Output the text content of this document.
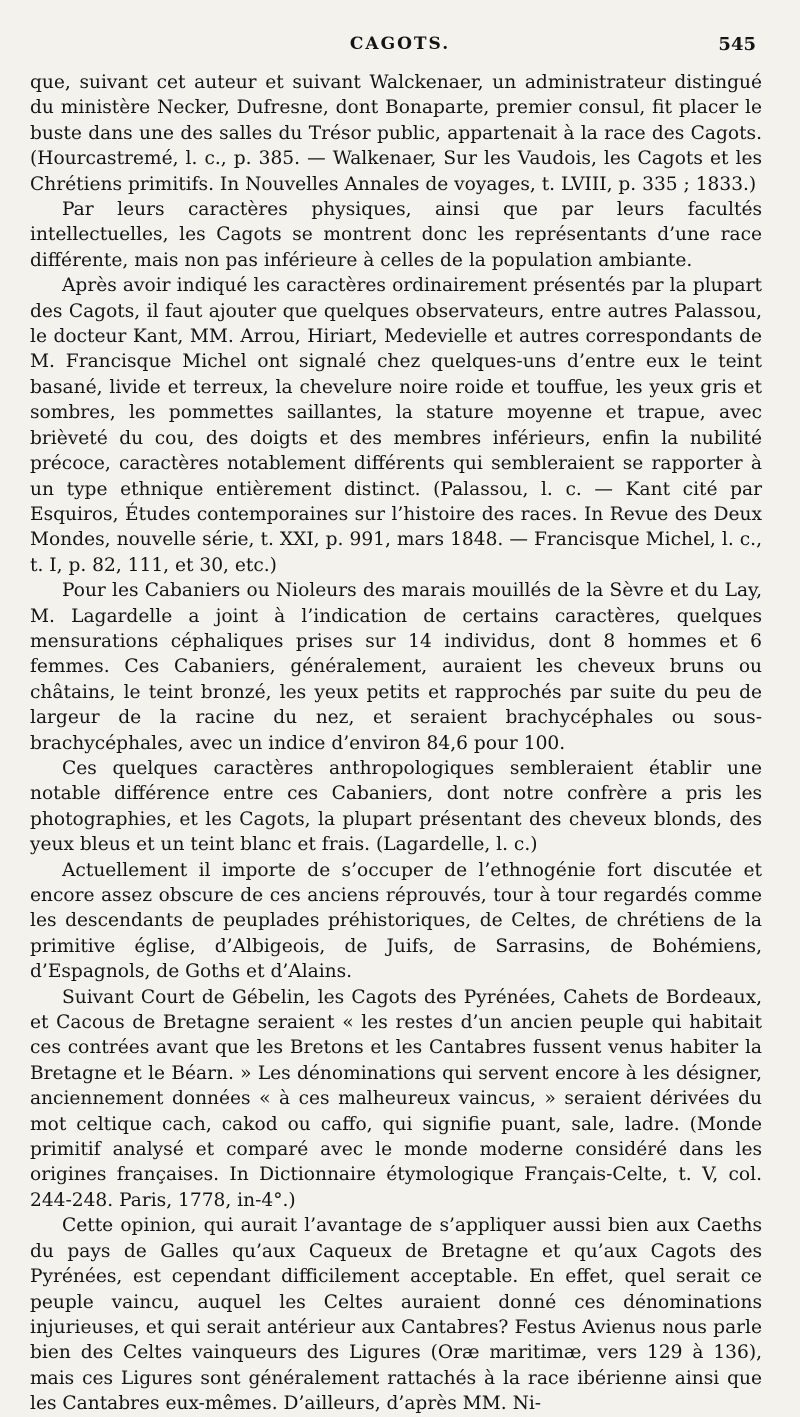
CAGOTS.	545

que, suivant cet auteur et suivant Walckenaer, un administrateur distingué du ministère Necker, Dufresne, dont Bonaparte, premier consul, fit placer le buste dans une des salles du Trésor public, appartenait à la race des Cagots. (Hourcastremé, l. c., p. 385. — Walkenaer, Sur les Vaudois, les Cagots et les Chrétiens primitifs. In Nouvelles Annales de voyages, t. LVIII, p. 335 ; 1833.)

Par leurs caractères physiques, ainsi que par leurs facultés intellectuelles, les Cagots se montrent donc les représentants d’une race différente, mais non pas inférieure à celles de la population ambiante.

Après avoir indiqué les caractères ordinairement présentés par la plupart des Cagots, il faut ajouter que quelques observateurs, entre autres Palassou, le docteur Kant, MM. Arrou, Hiriart, Medevielle et autres correspondants de M. Francisque Michel ont signalé chez quelques-uns d’entre eux le teint basané, livide et terreux, la chevelure noire roide et touffue, les yeux gris et sombres, les pommettes saillantes, la stature moyenne et trapue, avec brièveté du cou, des doigts et des membres inférieurs, enfin la nubilité précoce, caractères notablement différents qui sembleraient se rapporter à un type ethnique entièrement distinct. (Palassou, l. c. — Kant cité par Esquiros, Études contemporaines sur l’histoire des races. In Revue des Deux Mondes, nouvelle série, t. XXI, p. 991, mars 1848. — Francisque Michel, l. c., t. I, p. 82, 111, et 30, etc.)

Pour les Cabaniers ou Nioleurs des marais mouillés de la Sèvre et du Lay, M. Lagardelle a joint à l’indication de certains caractères, quelques mensurations céphaliques prises sur 14 individus, dont 8 hommes et 6 femmes. Ces Cabaniers, généralement, auraient les cheveux bruns ou châtains, le teint bronzé, les yeux petits et rapprochés par suite du peu de largeur de la racine du nez, et seraient brachycéphales ou sous-brachycéphales, avec un indice d’environ 84,6 pour 100.

Ces quelques caractères anthropologiques sembleraient établir une notable différence entre ces Cabaniers, dont notre confrère a pris les photographies, et les Cagots, la plupart présentant des cheveux blonds, des yeux bleus et un teint blanc et frais. (Lagardelle, l. c.)

Actuellement il importe de s’occuper de l’ethnogénie fort discutée et encore assez obscure de ces anciens réprouvés, tour à tour regardés comme les descendants de peuplades préhistoriques, de Celtes, de chrétiens de la primitive église, d’Albigeois, de Juifs, de Sarrasins, de Bohémiens, d’Espagnols, de Goths et d’Alains.

Suivant Court de Gébelin, les Cagots des Pyrénées, Cahets de Bordeaux, et Cacous de Bretagne seraient « les restes d’un ancien peuple qui habitait ces contrées avant que les Bretons et les Cantabres fussent venus habiter la Bretagne et le Béarn. » Les dénominations qui servent encore à les désigner, anciennement données « à ces malheureux vaincus, » seraient dérivées du mot celtique cach, cakod ou caffo, qui signifie puant, sale, ladre. (Monde primitif analysé et comparé avec le monde moderne considéré dans les origines françaises. In Dictionnaire étymologique Français-Celte, t. V, col. 244-248. Paris, 1778, in-4°.)

Cette opinion, qui aurait l’avantage de s’appliquer aussi bien aux Caeths du pays de Galles qu’aux Caqueux de Bretagne et qu’aux Cagots des Pyrénées, est cependant difficilement acceptable. En effet, quel serait ce peuple vaincu, auquel les Celtes auraient donné ces dénominations injurieuses, et qui serait antérieur aux Cantabres? Festus Avienus nous parle bien des Celtes vainqueurs des Ligures (Oræ maritimæ, vers 129 à 136), mais ces Ligures sont généralement rattachés à la race ibérienne ainsi que les Cantabres eux-mêmes. D’ailleurs, d’après MM. Ni-
